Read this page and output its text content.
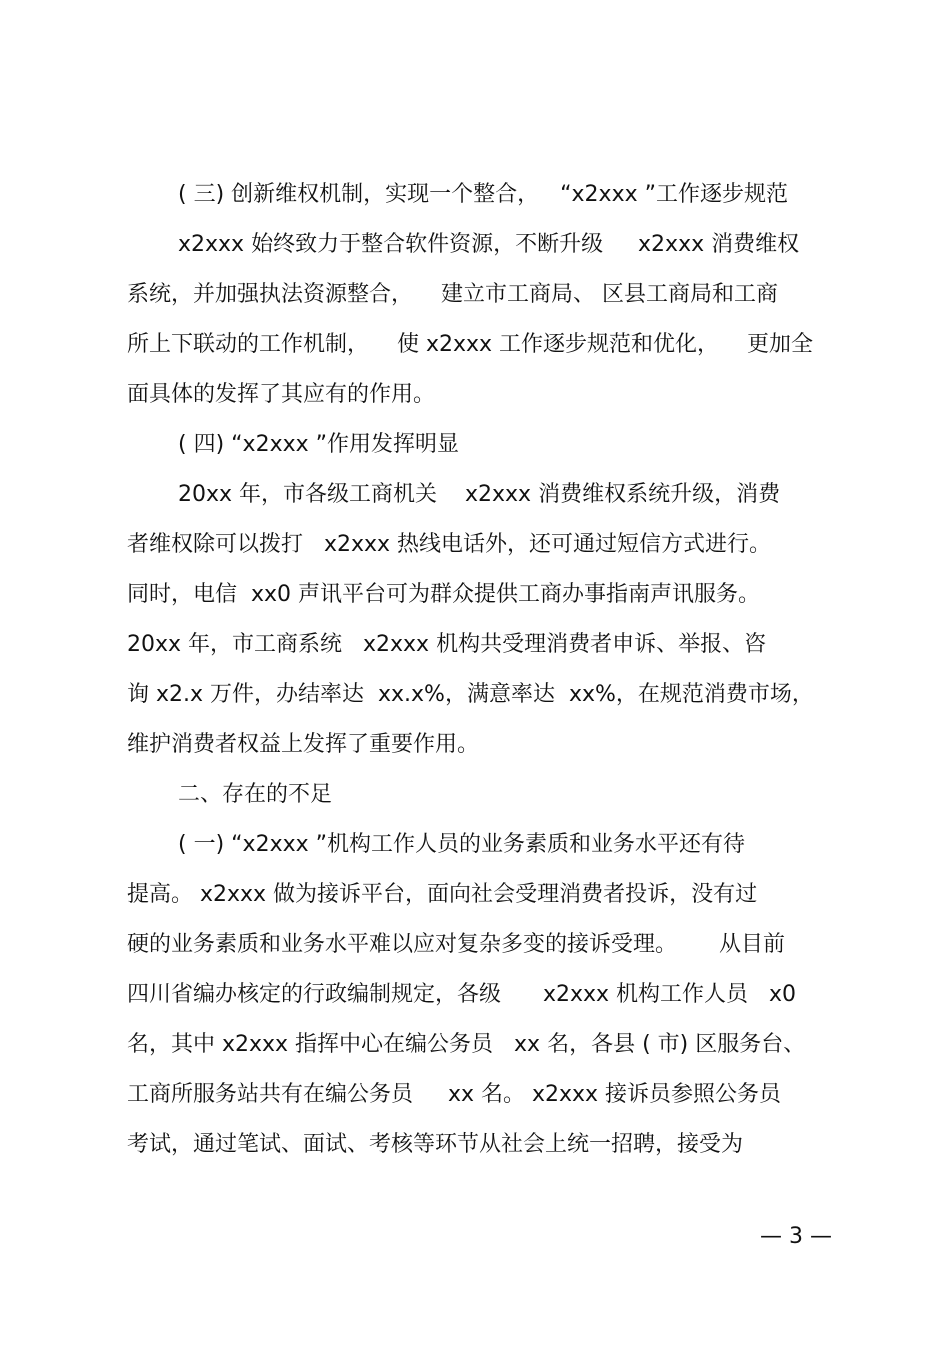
( 三) 创新维权机制，实现一个整合，   “x2xxx ”工作逐步规范

x2xxx 始终致力于整合软件资源，不断升级     x2xxx 消费维权

系统，并加强执法资源整合，    建立市工商局、 区县工商局和工商

所上下联动的工作机制，    使 x2xxx 工作逐步规范和优化，    更加全

面具体的发挥了其应有的作用。

( 四) “x2xxx ”作用发挥明显

20xx 年，市各级工商机关    x2xxx 消费维权系统升级，消费

者维权除可以拨打   x2xxx 热线电话外，还可通过短信方式进行。

同时，电信  xx0 声讯平台可为群众提供工商办事指南声讯服务。

20xx 年，市工商系统   x2xxx 机构共受理消费者申诉、举报、咨

询 x2.x 万件，办结率达  xx.x%，满意率达  xx%，在规范消费市场，

维护消费者权益上发挥了重要作用。

二、存在的不足

( 一) “x2xxx ”机构工作人员的业务素质和业务水平还有待

提高。 x2xxx 做为接诉平台，面向社会受理消费者投诉，没有过

硬的业务素质和业务水平难以应对复杂多变的接诉受理。      从目前

四川省编办核定的行政编制规定，各级      x2xxx 机构工作人员   x0

名，其中 x2xxx 指挥中心在编公务员   xx 名，各县 ( 市) 区服务台、

工商所服务站共有在编公务员     xx 名。 x2xxx 接诉员参照公务员

考试，通过笔试、面试、考核等环节从社会上统一招聘，接受为

— 3 —
